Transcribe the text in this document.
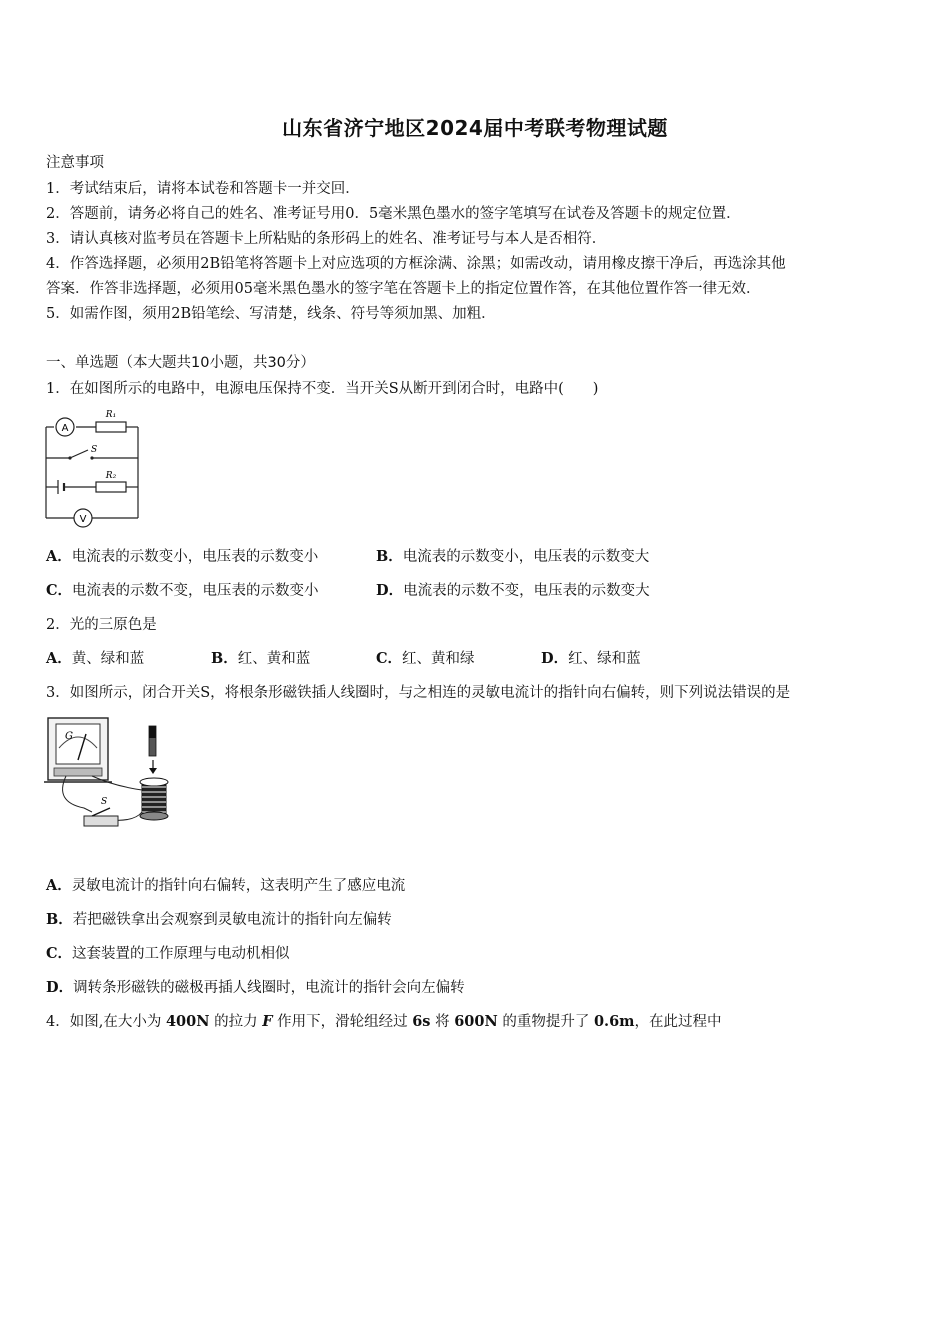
山东省济宁地区2024届中考联考物理试题
注意事项
1．考试结束后，请将本试卷和答题卡一并交回．
2．答题前，请务必将自己的姓名、准考证号用0．5毫米黑色墨水的签字笔填写在试卷及答题卡的规定位置．
3．请认真核对监考员在答题卡上所粘贴的条形码上的姓名、准考证号与本人是否相符．
4．作答选择题，必须用2B铅笔将答题卡上对应选项的方框涂满、涂黑；如需改动，请用橡皮擦干净后，再选涂其他
答案．作答非选择题，必须用05毫米黑色墨水的签字笔在答题卡上的指定位置作答，在其他位置作答一律无效．
5．如需作图，须用2B铅笔绘、写清楚，线条、符号等须加黑、加粗．
一、单选题（本大题共10小题，共30分）
1．在如图所示的电路中，电源电压保持不变．当开关S从断开到闭合时，电路中(　　)
A
R₁
S
R₂
V
A．电流表的示数变小，电压表的示数变小	B．电流表的示数变小，电压表的示数变大
C．电流表的示数不变，电压表的示数变小	D．电流表的示数不变，电压表的示数变大
2．光的三原色是
A．黄、绿和蓝	B．红、黄和蓝	C．红、黄和绿	D．红、绿和蓝
3．如图所示，闭合开关S，将根条形磁铁插人线圈时，与之相连的灵敏电流计的指针向右偏转，则下列说法错误的是
G
S
A．灵敏电流计的指针向右偏转，这表明产生了感应电流
B．若把磁铁拿出会观察到灵敏电流计的指针向左偏转
C．这套装置的工作原理与电动机相似
D．调转条形磁铁的磁极再插人线圈时，电流计的指针会向左偏转
4．如图,在大小为 400N 的拉力 F 作用下，滑轮组经过 6s 将 600N 的重物提升了 0.6m，在此过程中
